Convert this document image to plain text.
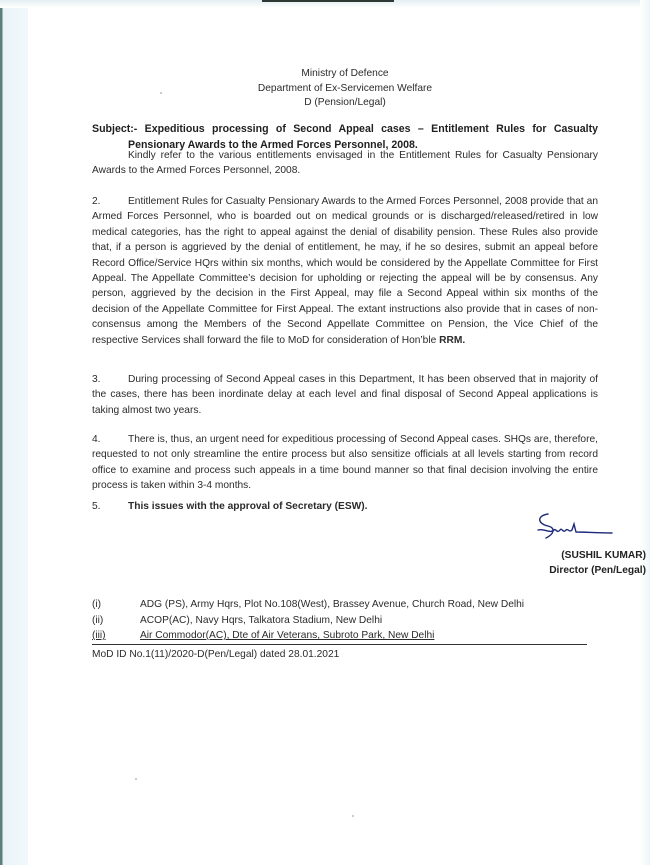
Ministry of Defence
Department of Ex-Servicemen Welfare
D (Pension/Legal)
Subject:- Expeditious processing of Second Appeal cases – Entitlement Rules for Casualty
Pensionary Awards to the Armed Forces Personnel, 2008.
Kindly refer to the various entitlements envisaged in the Entitlement Rules for Casualty Pensionary Awards to the Armed Forces Personnel, 2008.
2.	Entitlement Rules for Casualty Pensionary Awards to the Armed Forces Personnel, 2008 provide that an Armed Forces Personnel, who is boarded out on medical grounds or is discharged/released/retired in low medical categories, has the right to appeal against the denial of disability pension. These Rules also provide that, if a person is aggrieved by the denial of entitlement, he may, if he so desires, submit an appeal before Record Office/Service HQrs within six months, which would be considered by the Appellate Committee for First Appeal. The Appellate Committee’s decision for upholding or rejecting the appeal will be by consensus. Any person, aggrieved by the decision in the First Appeal, may file a Second Appeal within six months of the decision of the Appellate Committee for First Appeal. The extant instructions also provide that in cases of non-consensus among the Members of the Second Appellate Committee on Pension, the Vice Chief of the respective Services shall forward the file to MoD for consideration of Hon’ble RRM.
3.	During processing of Second Appeal cases in this Department, It has been observed that in majority of the cases, there has been inordinate delay at each level and final disposal of Second Appeal applications is taking almost two years.
4.	There is, thus, an urgent need for expeditious processing of Second Appeal cases. SHQs are, therefore, requested to not only streamline the entire process but also sensitize officials at all levels starting from record office to examine and process such appeals in a time bound manner so that final decision involving the entire process is taken within 3-4 months.
5.	This issues with the approval of Secretary (ESW).
(SUSHIL KUMAR)
Director (Pen/Legal)
(i)	ADG (PS), Army Hqrs, Plot No.108(West), Brassey Avenue, Church Road, New Delhi
(ii)	ACOP(AC), Navy Hqrs, Talkatora Stadium, New Delhi
(iii)	Air Commodor(AC), Dte of Air Veterans, Subroto Park, New Delhi
MoD ID No.1(11)/2020-D(Pen/Legal) dated 28.01.2021
